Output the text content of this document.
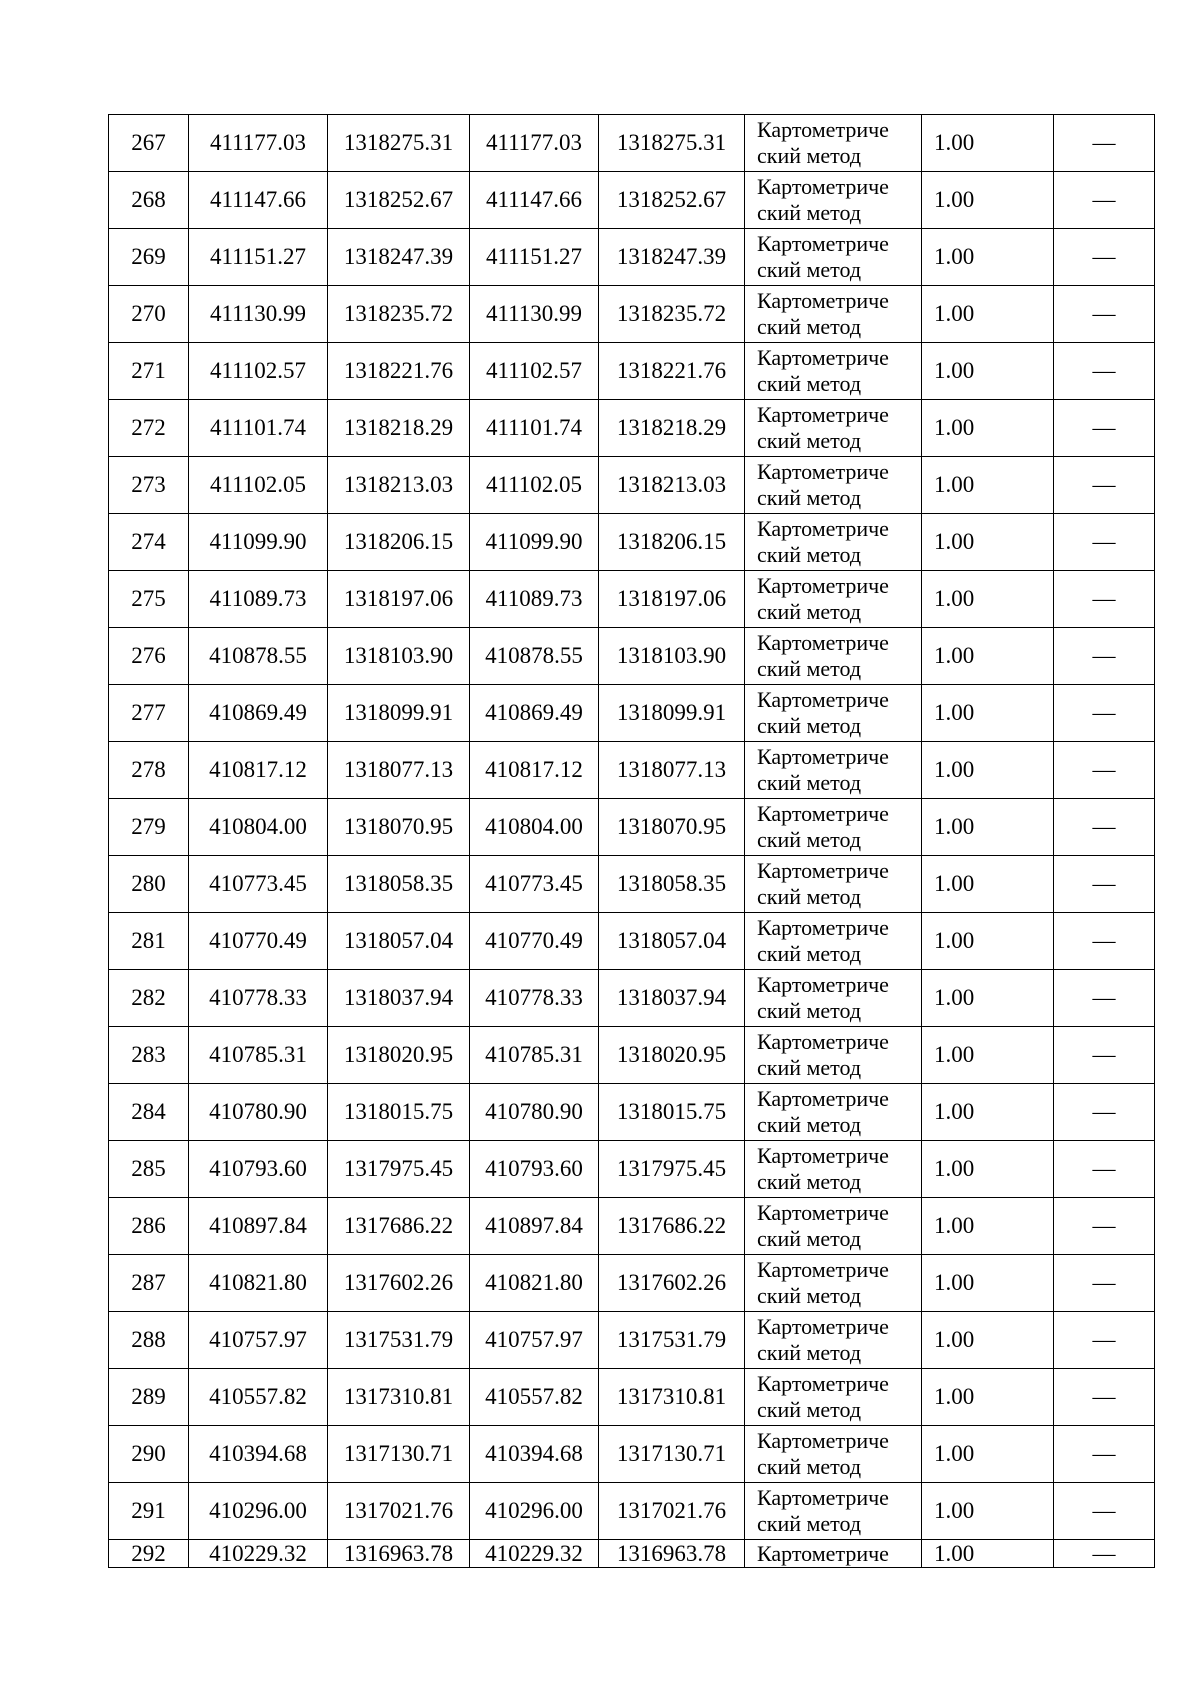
267	411177.03	1318275.31	411177.03	1318275.31	Картометриче
ский метод	1.00	—
268	411147.66	1318252.67	411147.66	1318252.67	Картометриче
ский метод	1.00	—
269	411151.27	1318247.39	411151.27	1318247.39	Картометриче
ский метод	1.00	—
270	411130.99	1318235.72	411130.99	1318235.72	Картометриче
ский метод	1.00	—
271	411102.57	1318221.76	411102.57	1318221.76	Картометриче
ский метод	1.00	—
272	411101.74	1318218.29	411101.74	1318218.29	Картометриче
ский метод	1.00	—
273	411102.05	1318213.03	411102.05	1318213.03	Картометриче
ский метод	1.00	—
274	411099.90	1318206.15	411099.90	1318206.15	Картометриче
ский метод	1.00	—
275	411089.73	1318197.06	411089.73	1318197.06	Картометриче
ский метод	1.00	—
276	410878.55	1318103.90	410878.55	1318103.90	Картометриче
ский метод	1.00	—
277	410869.49	1318099.91	410869.49	1318099.91	Картометриче
ский метод	1.00	—
278	410817.12	1318077.13	410817.12	1318077.13	Картометриче
ский метод	1.00	—
279	410804.00	1318070.95	410804.00	1318070.95	Картометриче
ский метод	1.00	—
280	410773.45	1318058.35	410773.45	1318058.35	Картометриче
ский метод	1.00	—
281	410770.49	1318057.04	410770.49	1318057.04	Картометриче
ский метод	1.00	—
282	410778.33	1318037.94	410778.33	1318037.94	Картометриче
ский метод	1.00	—
283	410785.31	1318020.95	410785.31	1318020.95	Картометриче
ский метод	1.00	—
284	410780.90	1318015.75	410780.90	1318015.75	Картометриче
ский метод	1.00	—
285	410793.60	1317975.45	410793.60	1317975.45	Картометриче
ский метод	1.00	—
286	410897.84	1317686.22	410897.84	1317686.22	Картометриче
ский метод	1.00	—
287	410821.80	1317602.26	410821.80	1317602.26	Картометриче
ский метод	1.00	—
288	410757.97	1317531.79	410757.97	1317531.79	Картометриче
ский метод	1.00	—
289	410557.82	1317310.81	410557.82	1317310.81	Картометриче
ский метод	1.00	—
290	410394.68	1317130.71	410394.68	1317130.71	Картометриче
ский метод	1.00	—
291	410296.00	1317021.76	410296.00	1317021.76	Картометриче
ский метод	1.00	—
292	410229.32	1316963.78	410229.32	1316963.78	Картометриче	1.00	—
